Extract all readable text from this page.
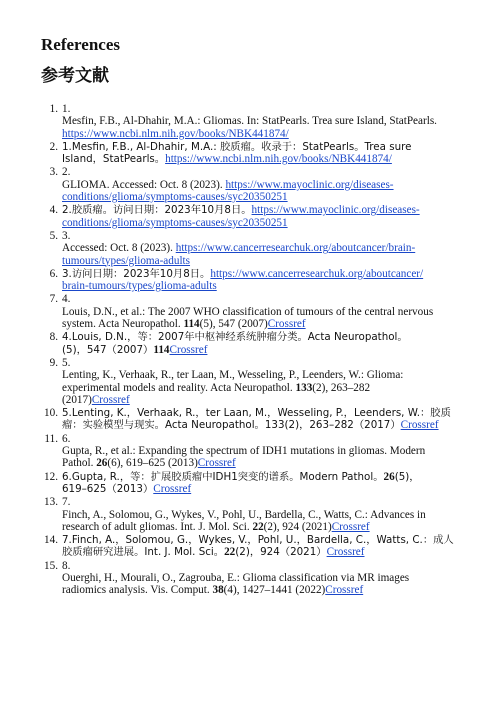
References
参考文献
1. 1.
Mesfin, F.B., Al-Dhahir, M.A.: Gliomas. In: StatPearls. Trea sure Island, StatPearls.
https://www.ncbi.nlm.nih.gov/books/NBK441874/
2. 1.Mesfin, F.B., Al-Dhahir, M.A.: 胶质瘤。收录于：StatPearls。Trea sure
Island，StatPearls。https://www.ncbi.nlm.nih.gov/books/NBK441874/
3. 2.
GLIOMA. Accessed: Oct. 8 (2023). https://www.mayoclinic.org/diseases-
conditions/glioma/symptoms-causes/syc20350251
4. 2.胶质瘤。访问日期：2023年10月8日。https://www.mayoclinic.org/diseases-
conditions/glioma/symptoms-causes/syc20350251
5. 3.
Accessed: Oct. 8 (2023). https://www.cancerresearchuk.org/aboutcancer/brain-
tumours/types/glioma-adults
6. 3.访问日期：2023年10月8日。https://www.cancerresearchuk.org/aboutcancer/
brain-tumours/types/glioma-adults
7. 4.
Louis, D.N., et al.: The 2007 WHO classification of tumours of the central nervous
system. Acta Neuropathol. 114(5), 547 (2007)Crossref
8. 4.Louis, D.N.，等：2007年中枢神经系统肿瘤分类。Acta Neuropathol。
(5)，547（2007）114Crossref
9. 5.
Lenting, K., Verhaak, R., ter Laan, M., Wesseling, P., Leenders, W.: Glioma:
experimental models and reality. Acta Neuropathol. 133(2), 263–282
(2017)Crossref
10. 5.Lenting, K.，Verhaak, R.，ter Laan, M.，Wesseling, P.，Leenders, W.：胶质
瘤：实验模型与现实。Acta Neuropathol。133(2)，263–282（2017）Crossref
11. 6.
Gupta, R., et al.: Expanding the spectrum of IDH1 mutations in gliomas. Modern
Pathol. 26(6), 619–625 (2013)Crossref
12. 6.Gupta, R.，等：扩展胶质瘤中IDH1突变的谱系。Modern Pathol。26(5)，
619–625（2013）Crossref
13. 7.
Finch, A., Solomou, G., Wykes, V., Pohl, U., Bardella, C., Watts, C.: Advances in
research of adult gliomas. Int. J. Mol. Sci. 22(2), 924 (2021)Crossref
14. 7.Finch, A.，Solomou, G.，Wykes, V.，Pohl, U.，Bardella, C.，Watts, C.：成人
胶质瘤研究进展。Int. J. Mol. Sci。22(2)，924（2021）Crossref
15. 8.
Ouerghi, H., Mourali, O., Zagrouba, E.: Glioma classification via MR images
radiomics analysis. Vis. Comput. 38(4), 1427–1441 (2022)Crossref
